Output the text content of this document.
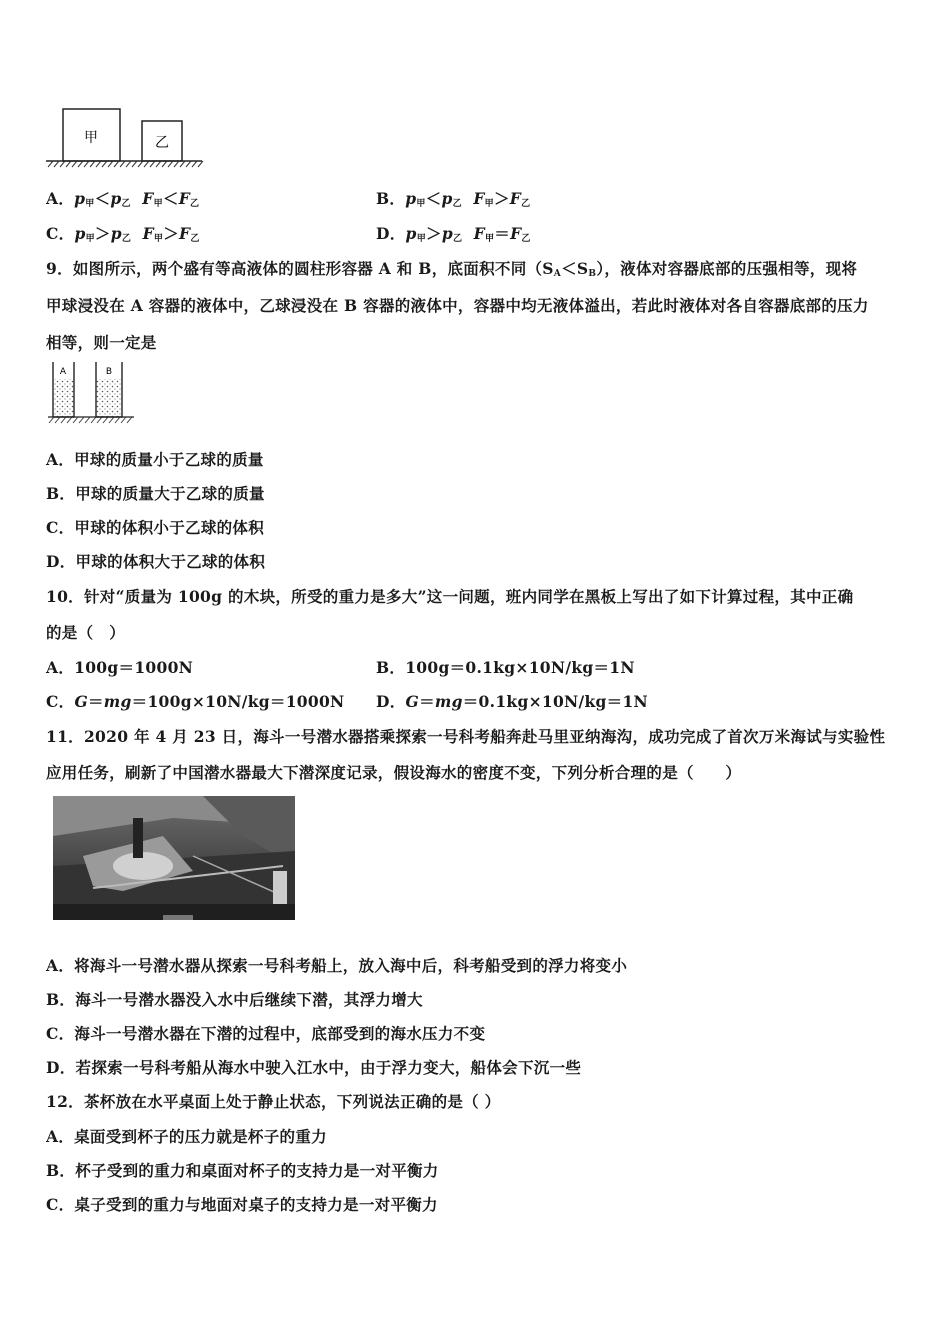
甲	乙
A．$p_甲<p_乙$ $F_甲<F_乙$	B．$p_甲<p_乙$ $F_甲>F_乙$
C．$p_甲>p_乙$ $F_甲>F_乙$	D．$p_甲>p_乙$ $F_甲=F_乙$
9．如图所示，两个盛有等高液体的圆柱形容器 A 和 B，底面积不同$(S_A<S_B)$，液体对容器底部的压强相等，现将
甲球浸没在 A 容器的液体中，乙球浸没在 B 容器的液体中，容器中均无液体溢出，若此时液体对各自容器底部的压力
相等，则一定是
A	B
A．甲球的质量小于乙球的质量
B．甲球的质量大于乙球的质量
C．甲球的体积小于乙球的体积
D．甲球的体积大于乙球的体积
10．针对“质量为 100g 的木块，所受的重力是多大”这一问题，班内同学在黑板上写出了如下计算过程，其中正确
的是（　）
A．100g＝1000N	B．100g＝0.1kg×10N/kg＝1N
C．G＝mg＝100g×10N/kg＝1000N D．G＝mg＝0.1kg×10N/kg＝1N
11．2020 年 4 月 23 日，海斗一号潜水器搭乘探索一号科考船奔赴马里亚纳海沟，成功完成了首次万米海试与实验性
应用任务，刷新了中国潜水器最大下潜深度记录，假设海水的密度不变，下列分析合理的是（　　）
A．将海斗一号潜水器从探索一号科考船上，放入海中后，科考船受到的浮力将变小
B．海斗一号潜水器没入水中后继续下潜，其浮力增大
C．海斗一号潜水器在下潜的过程中，底部受到的海水压力不变
D．若探索一号科考船从海水中驶入江水中，由于浮力变大，船体会下沉一些
12．茶杯放在水平桌面上处于静止状态，下列说法正确的是（ ）
A．桌面受到杯子的压力就是杯子的重力
B．杯子受到的重力和桌面对杯子的支持力是一对平衡力
C．桌子受到的重力与地面对桌子的支持力是一对平衡力
